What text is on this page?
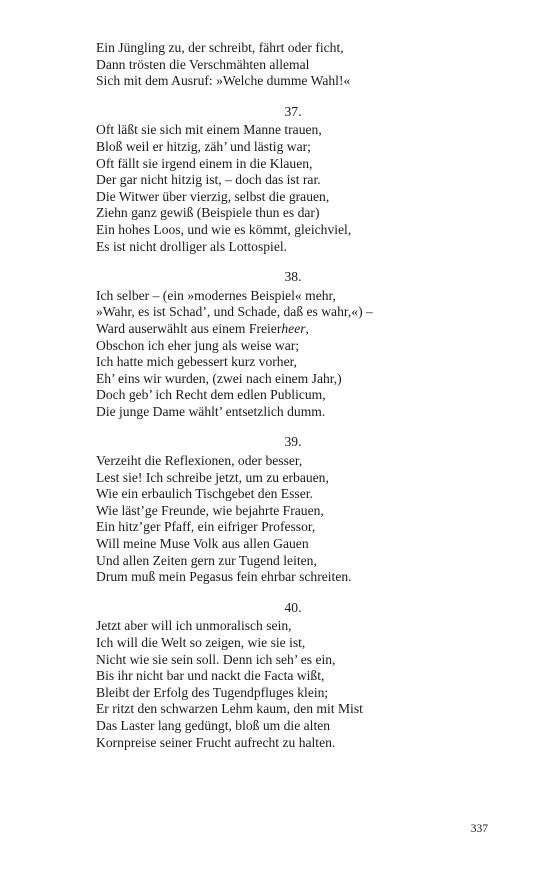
Ein Jüngling zu, der schreibt, fährt oder ficht,
Dann trösten die Verschmähten allemal
Sich mit dem Ausruf: »Welche dumme Wahl!«
37.
Oft läßt sie sich mit einem Manne trauen,
Bloß weil er hitzig, zäh’ und lästig war;
Oft fällt sie irgend einem in die Klauen,
Der gar nicht hitzig ist, – doch das ist rar.
Die Witwer über vierzig, selbst die grauen,
Ziehn ganz gewiß (Beispiele thun es dar)
Ein hohes Loos, und wie es kömmt, gleichviel,
Es ist nicht drolliger als Lottospiel.
38.
Ich selber – (ein »modernes Beispiel« mehr,
»Wahr, es ist Schad’, und Schade, daß es wahr,«) –
Ward auserwählt aus einem Freierheer,
Obschon ich eher jung als weise war;
Ich hatte mich gebessert kurz vorher,
Eh’ eins wir wurden, (zwei nach einem Jahr,)
Doch geb’ ich Recht dem edlen Publicum,
Die junge Dame wählt’ entsetzlich dumm.
39.
Verzeiht die Reflexionen, oder besser,
Lest sie! Ich schreibe jetzt, um zu erbauen,
Wie ein erbaulich Tischgebet den Esser.
Wie läst’ge Freunde, wie bejahrte Frauen,
Ein hitz’ger Pfaff, ein eifriger Professor,
Will meine Muse Volk aus allen Gauen
Und allen Zeiten gern zur Tugend leiten,
Drum muß mein Pegasus fein ehrbar schreiten.
40.
Jetzt aber will ich unmoralisch sein,
Ich will die Welt so zeigen, wie sie ist,
Nicht wie sie sein soll. Denn ich seh’ es ein,
Bis ihr nicht bar und nackt die Facta wißt,
Bleibt der Erfolg des Tugendpfluges klein;
Er ritzt den schwarzen Lehm kaum, den mit Mist
Das Laster lang gedüngt, bloß um die alten
Kornpreise seiner Frucht aufrecht zu halten.
337
